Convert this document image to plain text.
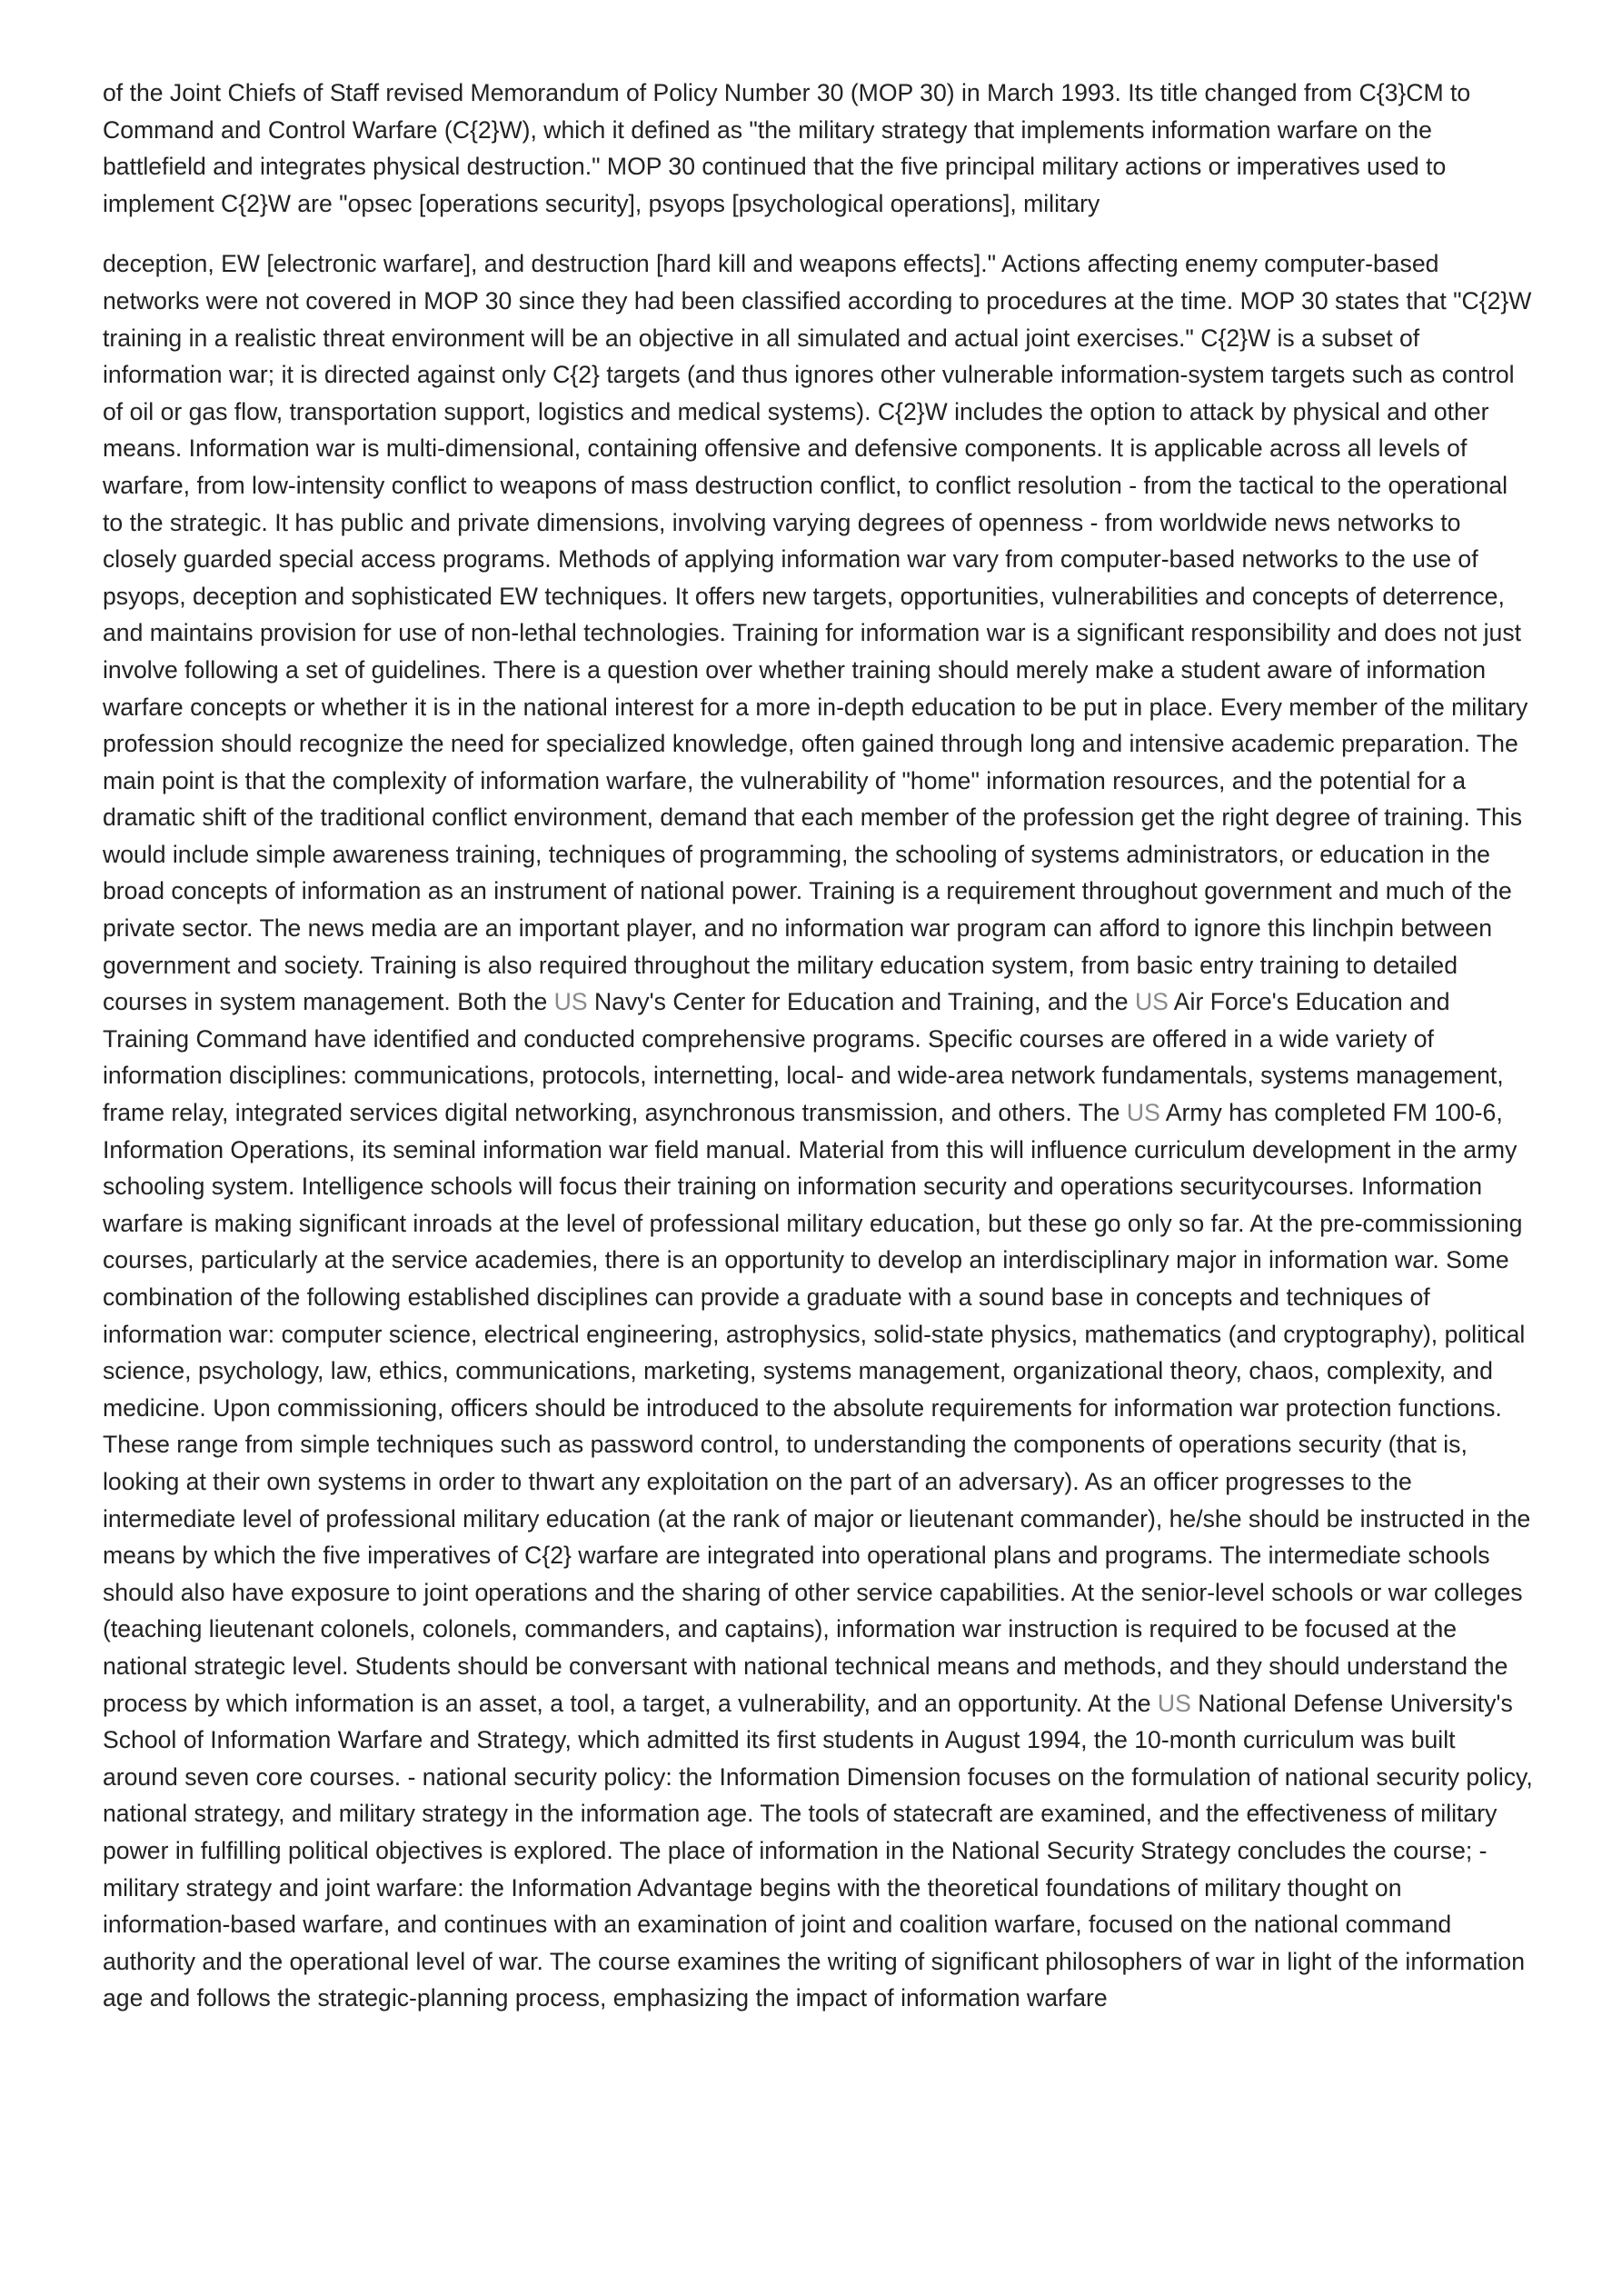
of the Joint Chiefs of Staff revised Memorandum of Policy Number 30 (MOP 30) in March 1993. Its title changed from C{3}CM to Command and Control Warfare (C{2}W), which it defined as "the military strategy that implements information warfare on the battlefield and integrates physical destruction." MOP 30 continued that the five principal military actions or imperatives used to implement C{2}W are "opsec [operations security], psyops [psychological operations], military

deception, EW [electronic warfare], and destruction [hard kill and weapons effects]." Actions affecting enemy computer-based networks were not covered in MOP 30 since they had been classified according to procedures at the time. MOP 30 states that "C{2}W training in a realistic threat environment will be an objective in all simulated and actual joint exercises." C{2}W is a subset of information war; it is directed against only C{2} targets (and thus ignores other vulnerable information-system targets such as control of oil or gas flow, transportation support, logistics and medical systems). C{2}W includes the option to attack by physical and other means. Information war is multi-dimensional, containing offensive and defensive components. It is applicable across all levels of warfare, from low-intensity conflict to weapons of mass destruction conflict, to conflict resolution - from the tactical to the operational to the strategic. It has public and private dimensions, involving varying degrees of openness - from worldwide news networks to closely guarded special access programs. Methods of applying information war vary from computer-based networks to the use of psyops, deception and sophisticated EW techniques. It offers new targets, opportunities, vulnerabilities and concepts of deterrence, and maintains provision for use of non-lethal technologies. Training for information war is a significant responsibility and does not just involve following a set of guidelines. There is a question over whether training should merely make a student aware of information warfare concepts or whether it is in the national interest for a more in-depth education to be put in place. Every member of the military profession should recognize the need for specialized knowledge, often gained through long and intensive academic preparation. The main point is that the complexity of information warfare, the vulnerability of "home" information resources, and the potential for a dramatic shift of the traditional conflict environment, demand that each member of the profession get the right degree of training. This would include simple awareness training, techniques of programming, the schooling of systems administrators, or education in the broad concepts of information as an instrument of national power. Training is a requirement throughout government and much of the private sector. The news media are an important player, and no information war program can afford to ignore this linchpin between government and society. Training is also required throughout the military education system, from basic entry training to detailed courses in system management. Both the US Navy's Center for Education and Training, and the US Air Force's Education and Training Command have identified and conducted comprehensive programs. Specific courses are offered in a wide variety of information disciplines: communications, protocols, internetting, local- and wide-area network fundamentals, systems management, frame relay, integrated services digital networking, asynchronous transmission, and others. The US Army has completed FM 100-6, Information Operations, its seminal information war field manual. Material from this will influence curriculum development in the army schooling system. Intelligence schools will focus their training on information security and operations securitycourses. Information warfare is making significant inroads at the level of professional military education, but these go only so far. At the pre-commissioning courses, particularly at the service academies, there is an opportunity to develop an interdisciplinary major in information war. Some combination of the following established disciplines can provide a graduate with a sound base in concepts and techniques of information war: computer science, electrical engineering, astrophysics, solid-state physics, mathematics (and cryptography), political science, psychology, law, ethics, communications, marketing, systems management, organizational theory, chaos, complexity, and medicine. Upon commissioning, officers should be introduced to the absolute requirements for information war protection functions. These range from simple techniques such as password control, to understanding the components of operations security (that is, looking at their own systems in order to thwart any exploitation on the part of an adversary). As an officer progresses to the intermediate level of professional military education (at the rank of major or lieutenant commander), he/she should be instructed in the means by which the five imperatives of C{2} warfare are integrated into operational plans and programs. The intermediate schools should also have exposure to joint operations and the sharing of other service capabilities. At the senior-level schools or war colleges (teaching lieutenant colonels, colonels, commanders, and captains), information war instruction is required to be focused at the national strategic level. Students should be conversant with national technical means and methods, and they should understand the process by which information is an asset, a tool, a target, a vulnerability, and an opportunity. At the US National Defense University's School of Information Warfare and Strategy, which admitted its first students in August 1994, the 10-month curriculum was built around seven core courses. - national security policy: the Information Dimension focuses on the formulation of national security policy, national strategy, and military strategy in the information age. The tools of statecraft are examined, and the effectiveness of military power in fulfilling political objectives is explored. The place of information in the National Security Strategy concludes the course; - military strategy and joint warfare: the Information Advantage begins with the theoretical foundations of military thought on information-based warfare, and continues with an examination of joint and coalition warfare, focused on the national command authority and the operational level of war. The course examines the writing of significant philosophers of war in light of the information age and follows the strategic-planning process, emphasizing the impact of information warfare
